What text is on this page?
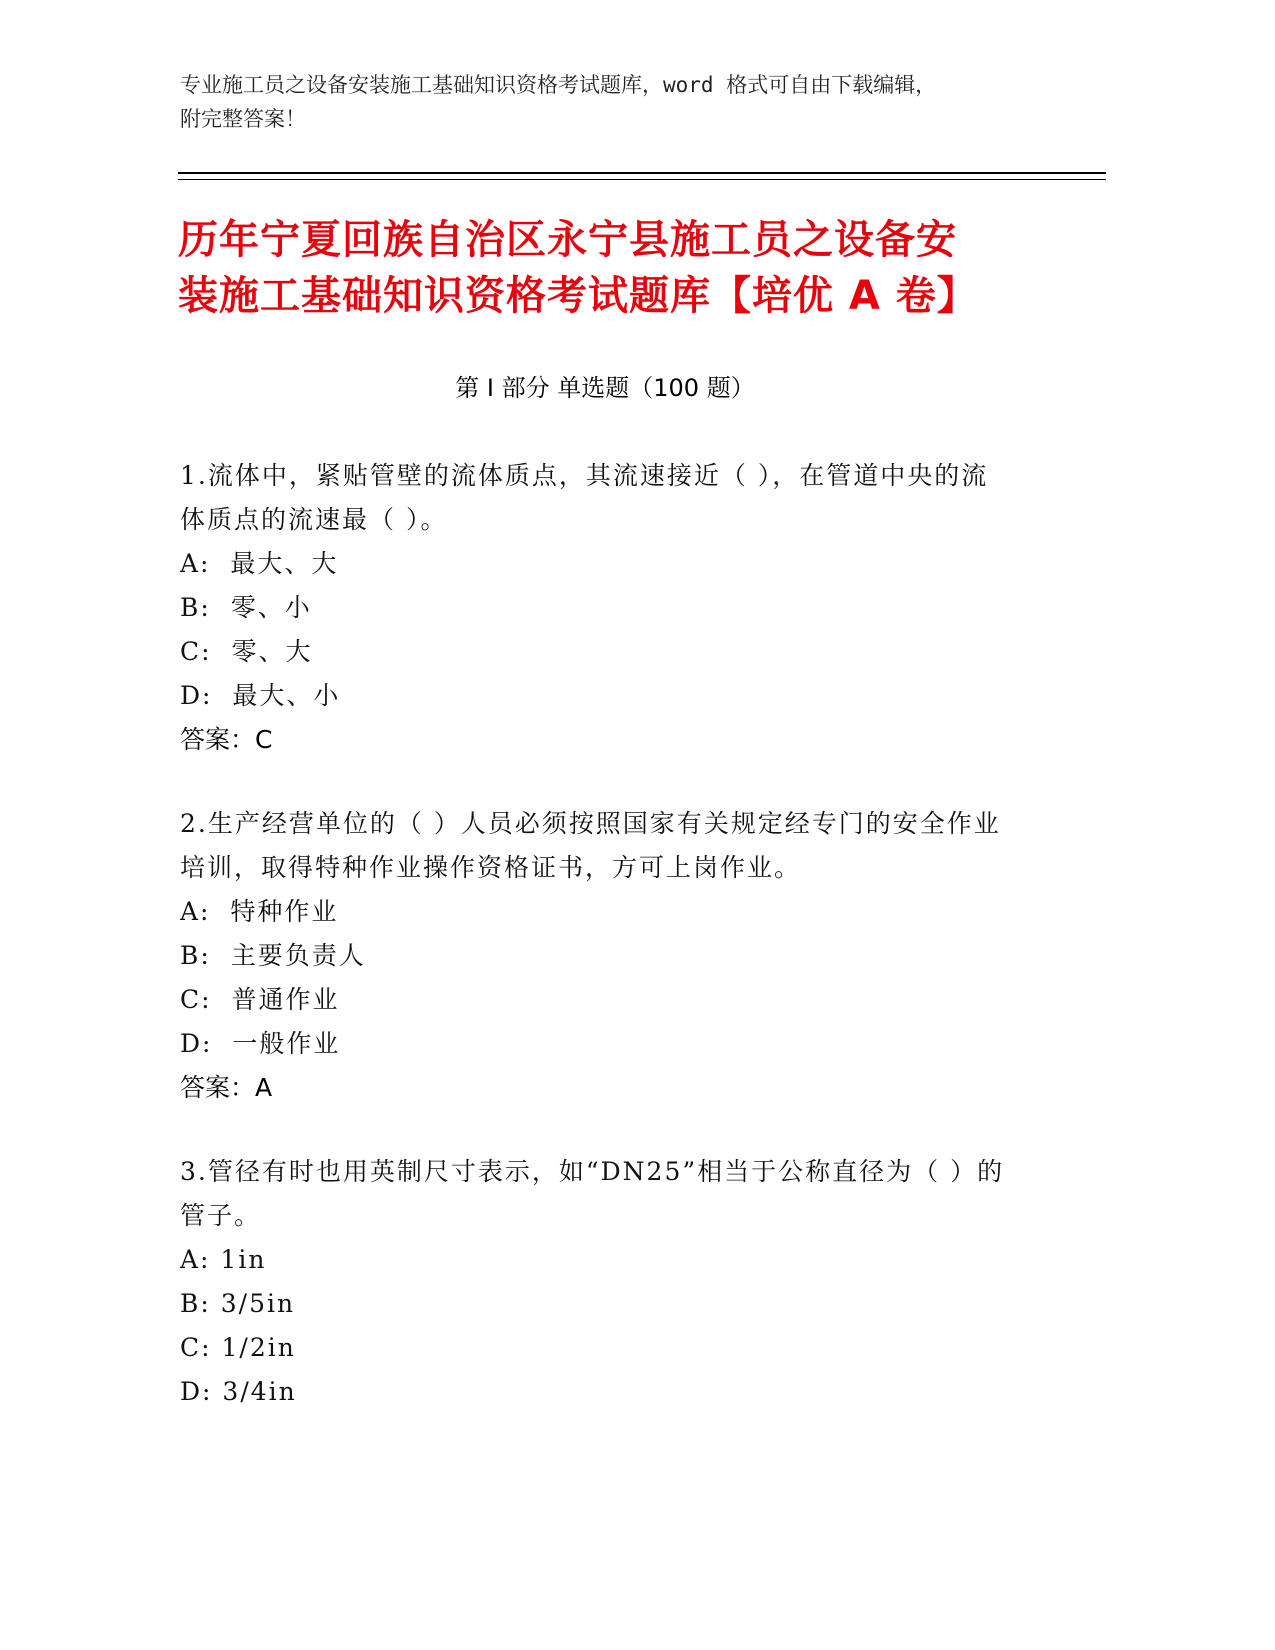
专业施工员之设备安装施工基础知识资格考试题库，word 格式可自由下载编辑，
附完整答案！
历年宁夏回族自治区永宁县施工员之设备安
装施工基础知识资格考试题库【培优 A 卷】
第 I 部分 单选题（100 题）
1.流体中，紧贴管壁的流体质点，其流速接近（ ），在管道中央的流
体质点的流速最（ ）。
A:  最大、大
B:  零、小
C:  零、大
D:  最大、小
答案：C
2.生产经营单位的（ ）人员必须按照国家有关规定经专门的安全作业
培训，取得特种作业操作资格证书，方可上岗作业。
A:  特种作业
B:  主要负责人
C:  普通作业
D:  一般作业
答案：A
3.管径有时也用英制尺寸表示，如“DN25”相当于公称直径为（ ）的
管子。
A: 1in
B: 3/5in
C: 1/2in
D: 3/4in
